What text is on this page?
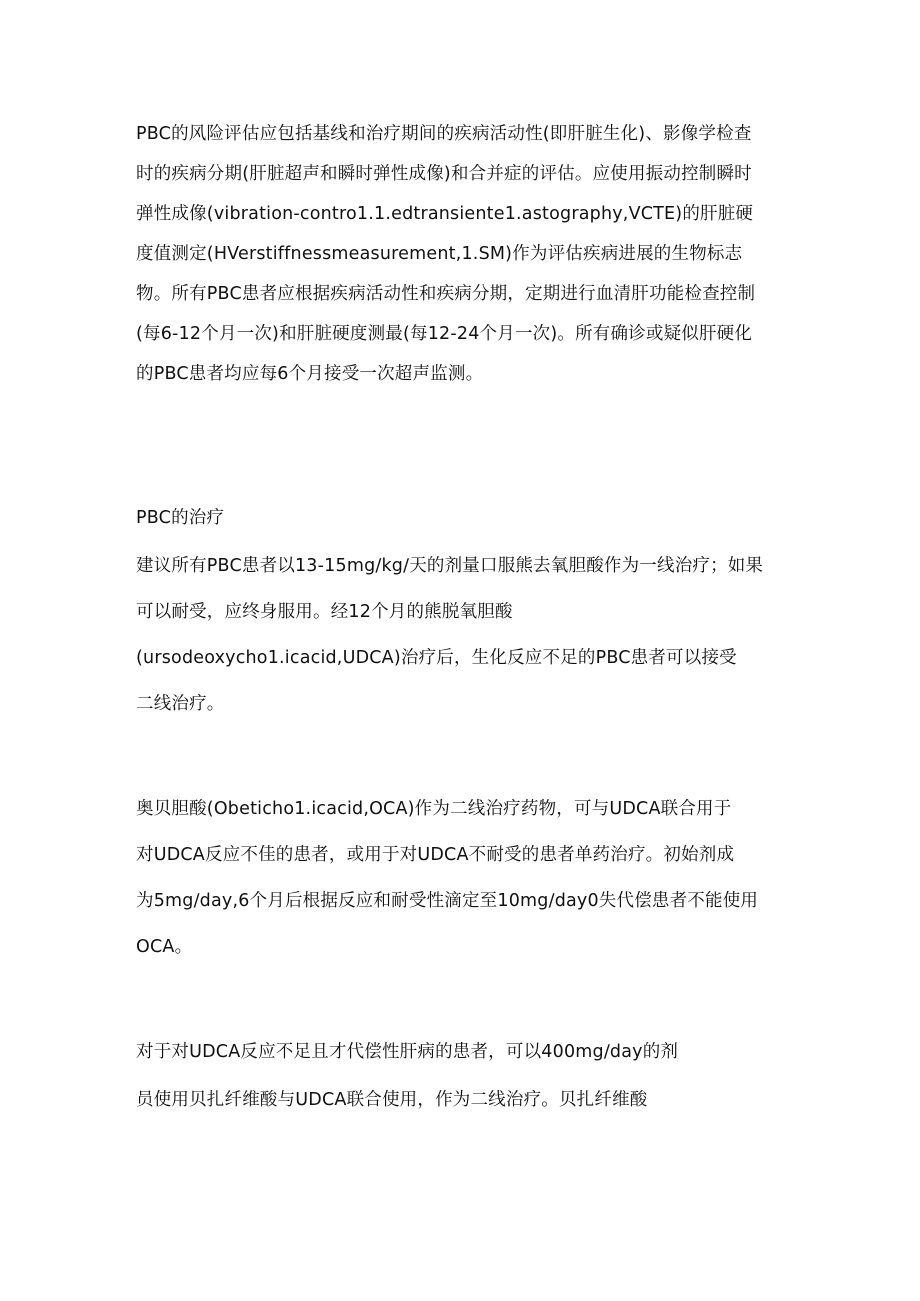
PBC的风险评估应包括基线和治疗期间的疾病活动性(即肝脏生化)、影像学检查
时的疾病分期(肝脏超声和瞬时弹性成像)和合并症的评估。应使用振动控制瞬时
弹性成像(vibration-contro1.1.edtransiente1.astography,VCTE)的肝脏硬
度值测定(HVerstiffnessmeasurement,1.SM)作为评估疾病进展的生物标志
物。所有PBC患者应根据疾病活动性和疾病分期，定期进行血清肝功能检查控制
(每6-12个月一次)和肝脏硬度测最(每12-24个月一次)。所有确诊或疑似肝硬化
的PBC患者均应每6个月接受一次超声监测。
PBC的治疗
建议所有PBC患者以13-15mg∕kg∕天的剂量口服熊去氧胆酸作为一线治疗；如果
可以耐受，应终身服用。经12个月的熊脱氧胆酸
(ursodeoxycho1.icacid,UDCA)治疗后，生化反应不足的PBC患者可以接受
二线治疗。
奥贝胆酸(Obeticho1.icacid,OCA)作为二线治疗药物，可与UDCA联合用于
对UDCA反应不佳的患者，或用于对UDCA不耐受的患者单药治疗。初始剂成
为5mg∕day,6个月后根据反应和耐受性滴定至10mg∕day0失代偿患者不能使用
OCA。
对于对UDCA反应不足且才代偿性肝病的患者，可以400mg∕day的剂
员使用贝扎纤维酸与UDCA联合使用，作为二线治疗。贝扎纤维酸
